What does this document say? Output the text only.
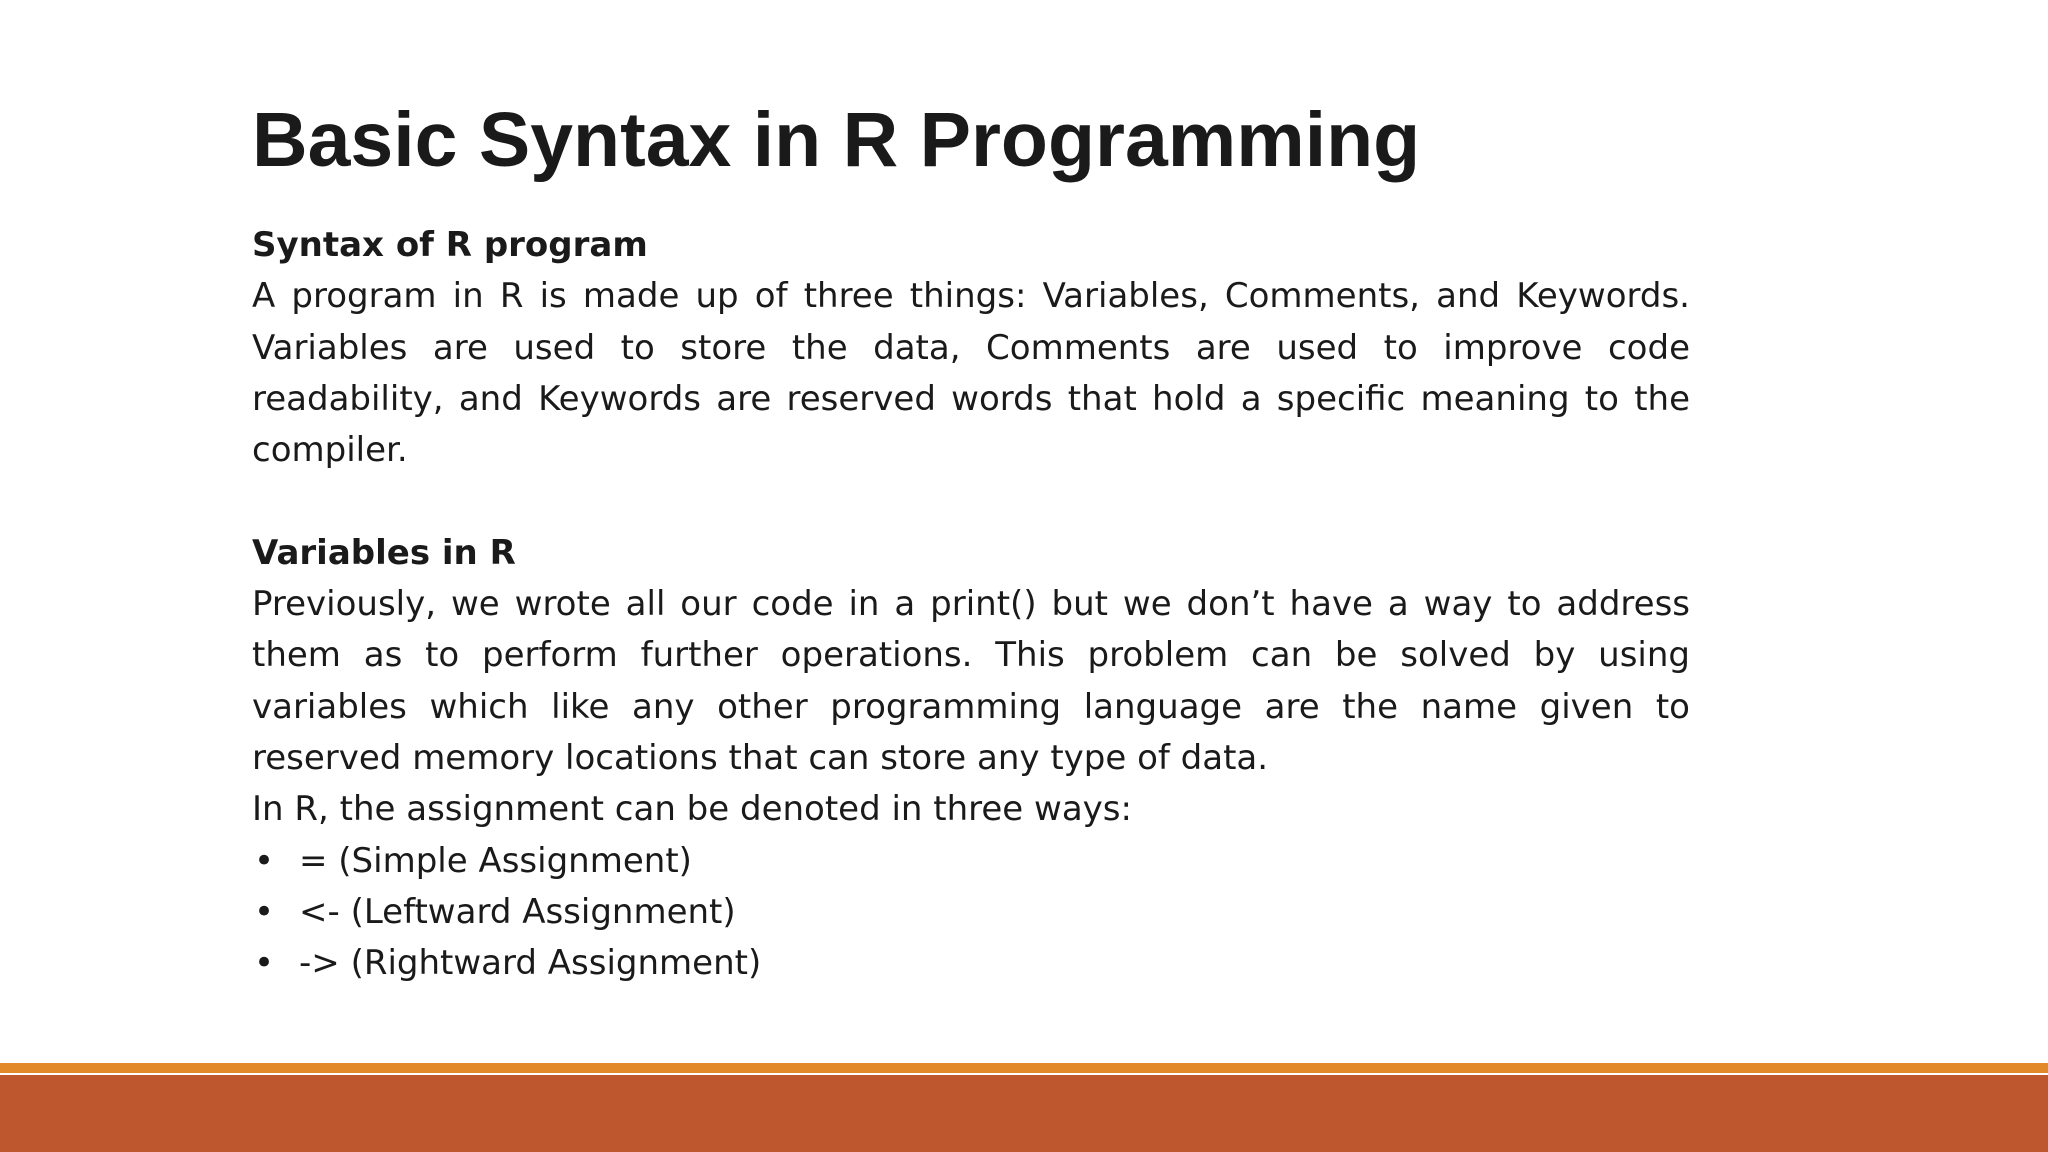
Basic Syntax in R Programming

Syntax of R program

A program in R is made up of three things: Variables, Comments, and Keywords. Variables are used to store the data, Comments are used to improve code readability, and Keywords are reserved words that hold a specific meaning to the compiler.

Variables in R

Previously, we wrote all our code in a print() but we don’t have a way to address them as to perform further operations. This problem can be solved by using variables which like any other programming language are the name given to reserved memory locations that can store any type of data.

In R, the assignment can be denoted in three ways:

• = (Simple Assignment)
• <- (Leftward Assignment)
• -> (Rightward Assignment)
